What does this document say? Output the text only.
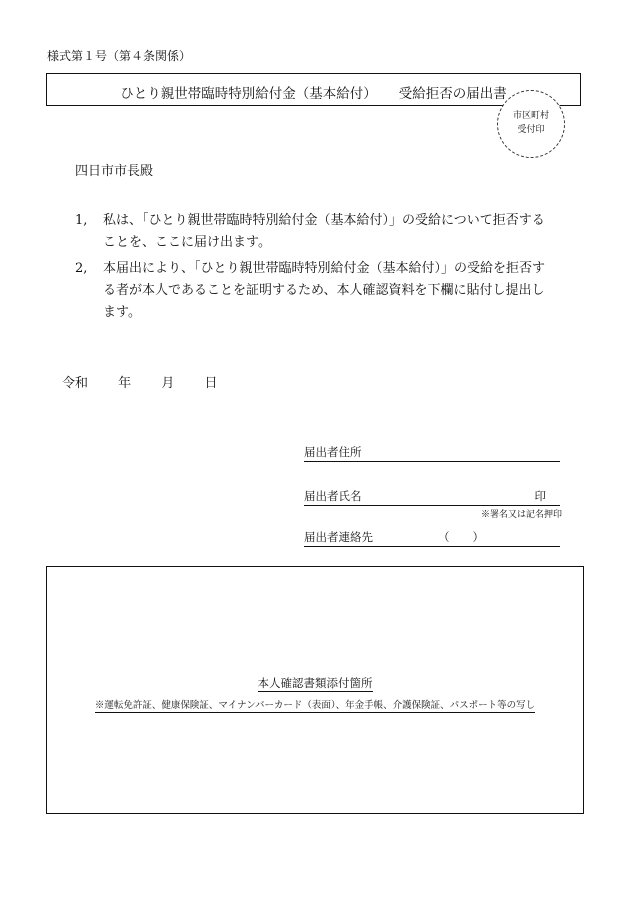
様式第１号（第４条関係）
ひとり親世帯臨時特別給付金（基本給付） 受給拒否の届出書
市区町村
受付印
四日市市長殿
1,	私は、「ひとり親世帯臨時特別給付金（基本給付）」の受給について拒否することを、ここに届け出ます。
2,	本届出により、「ひとり親世帯臨時特別給付金（基本給付）」の受給を拒否する者が本人であることを証明するため、本人確認資料を下欄に貼付し提出します。
令和 年 月 日
届出者住所
届出者氏名	印
※署名又は記名押印
届出者連絡先	（　　）
本人確認書類添付箇所
※運転免許証、健康保険証、マイナンバーカード（表面）、年金手帳、介護保険証、パスポート等の写し
